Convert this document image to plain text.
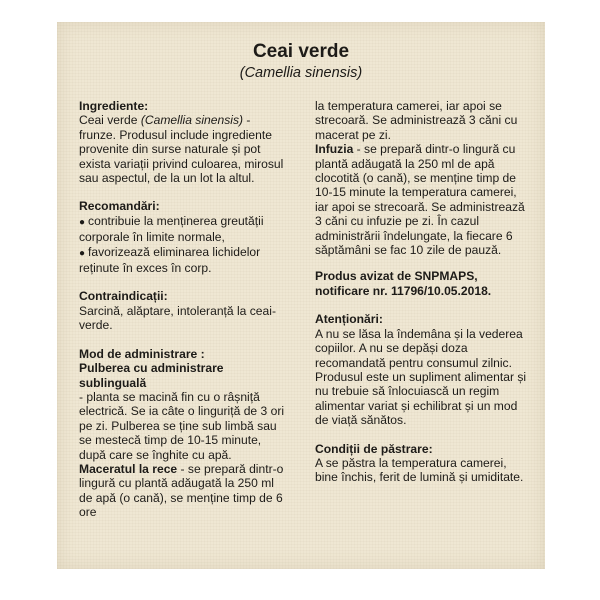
Ceai verde
(Camellia sinensis)
Ingrediente:
Ceai verde (Camellia sinensis) - frunze. Produsul include ingrediente provenite din surse naturale și pot exista variații privind culoarea, mirosul sau aspectul, de la un lot la altul.
Recomandări:
● contribuie la menținerea greutății corporale în limite normale,
● favorizează eliminarea lichidelor reținute în exces în corp.
Contraindicații:
Sarcină, alăptare, intoleranță la ceai-verde.
Mod de administrare :
Pulberea cu administrare sublinguală
- planta se macină fin cu o râșniță electrică. Se ia câte o linguriță de 3 ori pe zi. Pulberea se ține sub limbă sau se mestecă timp de 10-15 minute, după care se înghite cu apă.
Maceratul la rece - se prepară dintr-o lingură cu plantă adăugată la 250 ml de apă (o cană), se menține timp de 6 ore
la temperatura camerei, iar apoi se strecoară. Se administrează 3 căni cu macerat pe zi.
Infuzia - se prepară dintr-o lingură cu plantă adăugată la 250 ml de apă clocotită (o cană), se menține timp de 10-15 minute la temperatura camerei, iar apoi se strecoară. Se administrează 3 căni cu infuzie pe zi. În cazul administrării îndelungate, la fiecare 6 săptămâni se fac 10 zile de pauză.
Produs avizat de SNPMAPS, notificare nr. 11796/10.05.2018.
Atenționări:
A nu se lăsa la îndemâna și la vederea copiilor. A nu se depăși doza recomandată pentru consumul zilnic. Produsul este un supliment alimentar și nu trebuie să înlocuiască un regim alimentar variat și echilibrat și un mod de viață sănătos.
Condiții de păstrare:
A se păstra la temperatura camerei, bine închis, ferit de lumină și umiditate.
